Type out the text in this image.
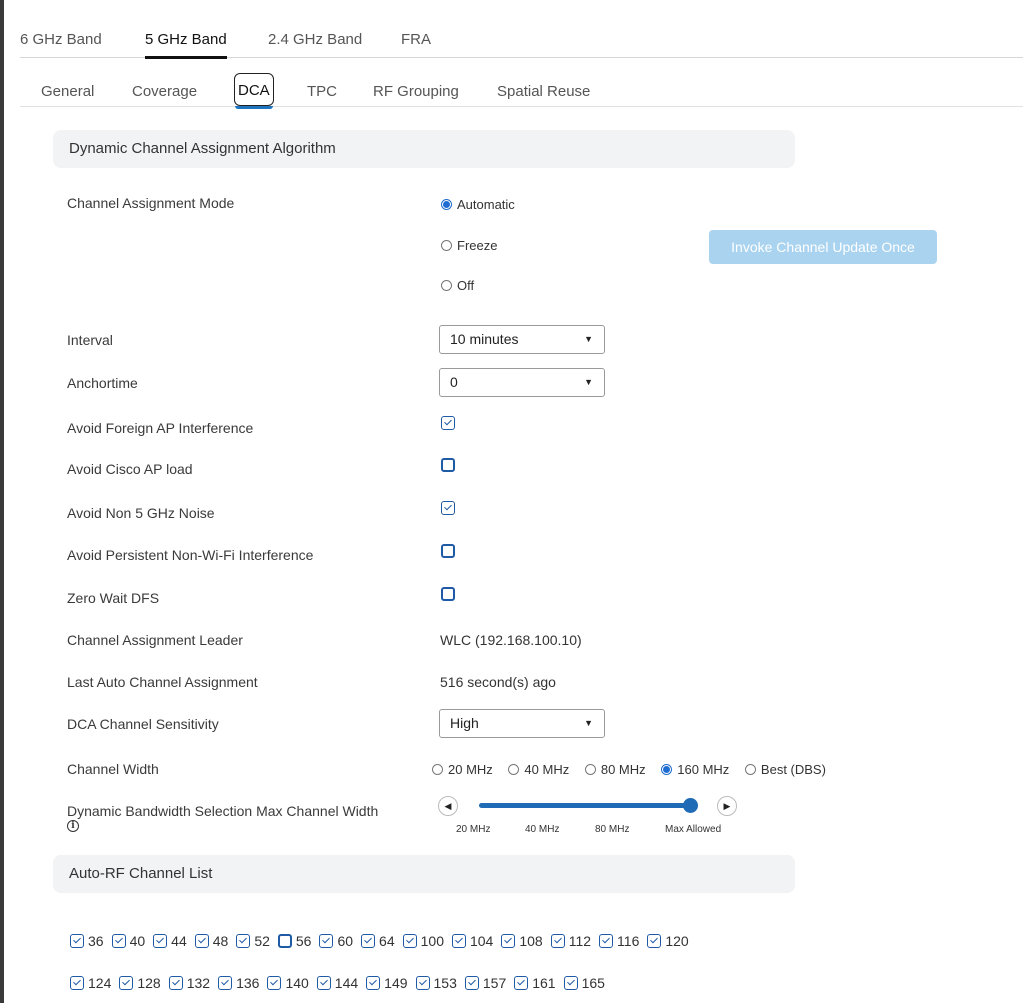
6 GHz Band	5 GHz Band	2.4 GHz Band	FRA
General	Coverage	DCA TPC RF Grouping	Spatial Reuse
Dynamic Channel Assignment Algorithm
Channel Assignment Mode	Automatic
Freeze
Off
Invoke Channel Update Once
Interval	10 minutes	▼
Anchortime	0	▼
Avoid Foreign AP Interference
Avoid Cisco AP load
Avoid Non 5 GHz Noise
Avoid Persistent Non-Wi-Fi Interference
Zero Wait DFS
Channel Assignment Leader	WLC (192.168.100.10)
Last Auto Channel Assignment	516 second(s) ago
DCA Channel Sensitivity	High	▼
Channel Width	20 MHz 40 MHz 80 MHz 160 MHz Best (DBS)
Dynamic Bandwidth Selection Max Channel Width
i
◀	▶
20 MHz	40 MHz	80 MHz	Max Allowed
Auto-RF Channel List
36 40 44 48 52 56 60 64 100 104 108 112 116 120
124 128 132 136 140 144 149 153 157 161 165
